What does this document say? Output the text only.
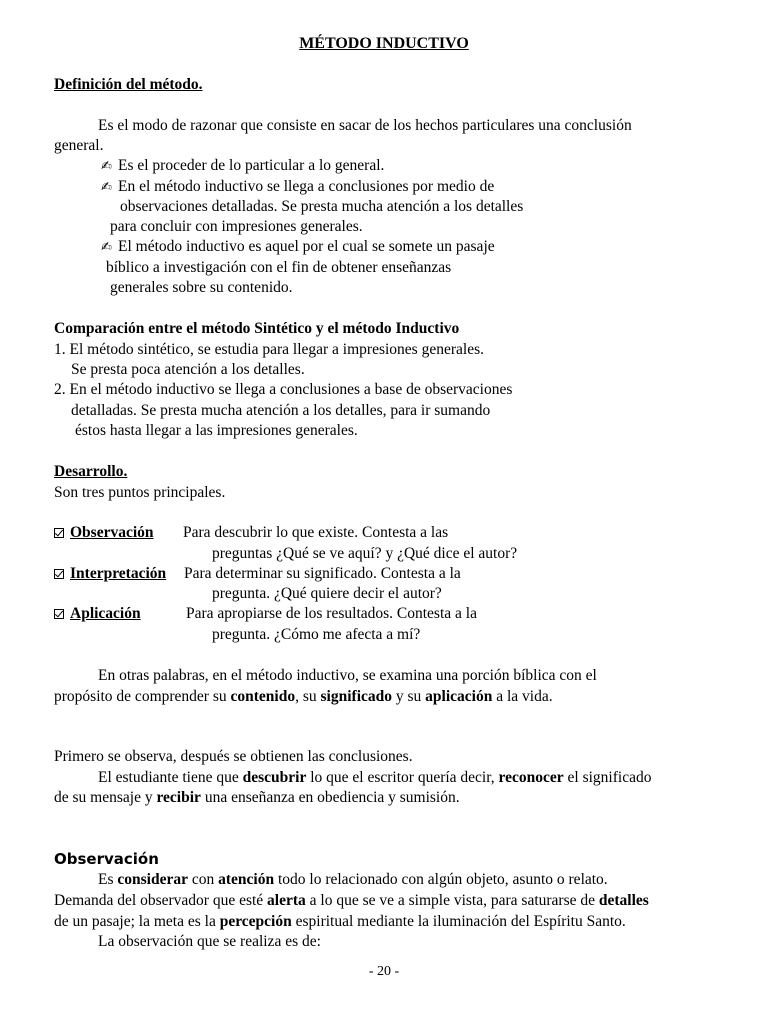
MÉTODO INDUCTIVO
Definición del método.
Es el modo de razonar que consiste en sacar de los hechos particulares una conclusión
general.
✍ Es el proceder de lo particular a lo general.
✍ En el método inductivo se llega a conclusiones por medio de
observaciones detalladas. Se presta mucha atención a los detalles
para concluir con impresiones generales.
✍ El método inductivo es aquel por el cual se somete un pasaje
bíblico a investigación con el fin de obtener enseñanzas
generales sobre su contenido.
Comparación entre el método Sintético y el método Inductivo
1. El método sintético, se estudia para llegar a impresiones generales.
Se presta poca atención a los detalles.
2. En el método inductivo se llega a conclusiones a base de observaciones
detalladas. Se presta mucha atención a los detalles, para ir sumando
éstos hasta llegar a las impresiones generales.
Desarrollo.
Son tres puntos principales.
Observación Para descubrir lo que existe. Contesta a las
preguntas ¿Qué se ve aquí? y ¿Qué dice el autor?
Interpretación Para determinar su significado. Contesta a la
pregunta. ¿Qué quiere decir el autor?
Aplicación	Para apropiarse de los resultados. Contesta a la
pregunta. ¿Cómo me afecta a mí?
En otras palabras, en el método inductivo, se examina una porción bíblica con el
propósito de comprender su contenido, su significado y su aplicación a la vida.
Primero se observa, después se obtienen las conclusiones.
El estudiante tiene que descubrir lo que el escritor quería decir, reconocer el significado
de su mensaje y recibir una enseñanza en obediencia y sumisión.
Observación
Es considerar con atención todo lo relacionado con algún objeto, asunto o relato.
Demanda del observador que esté alerta a lo que se ve a simple vista, para saturarse de detalles
de un pasaje; la meta es la percepción espiritual mediante la iluminación del Espíritu Santo.
La observación que se realiza es de:
- 20 -
